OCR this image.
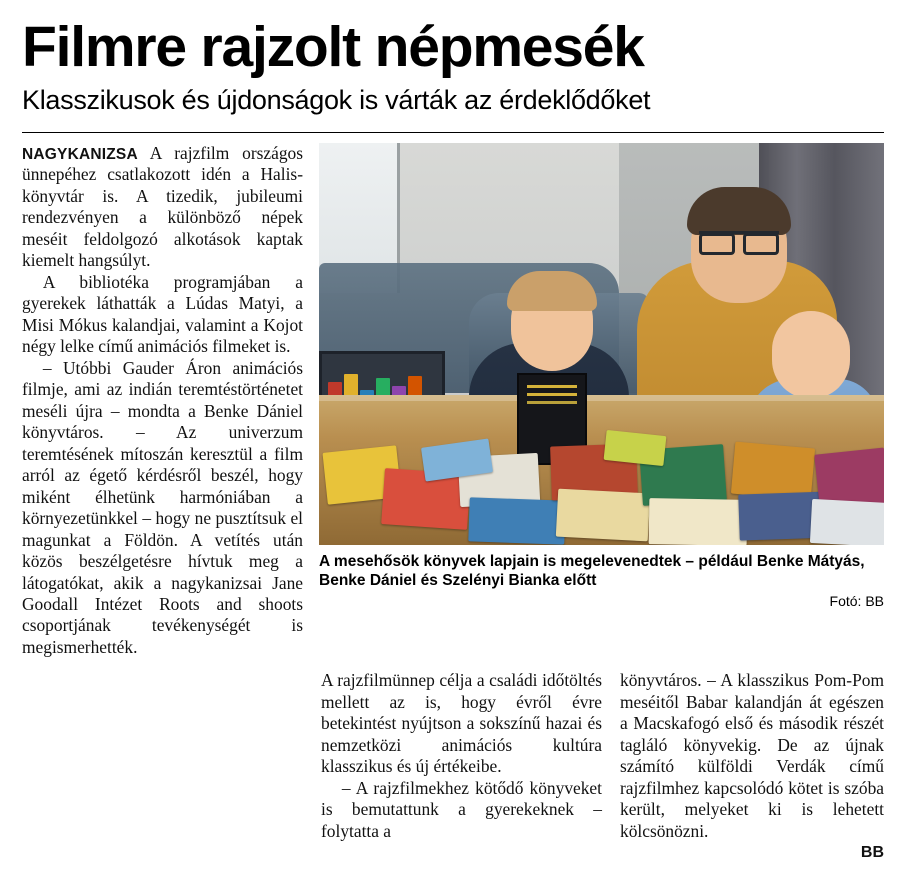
Filmre rajzolt népmesék
Klasszikusok és újdonságok is várták az érdeklődőket

NAGYKANIZSA A rajzfilm országos ünnepéhez csatlakozott idén a Halis-könyvtár is. A tizedik, jubileumi rendezvényen a különböző népek meséit feldolgozó alkotások kaptak kiemelt hangsúlyt.

A bibliotéka programjában a gyerekek láthatták a Lúdas Matyi, a Misi Mókus kalandjai, valamint a Kojot négy lelke című animációs filmeket is.

– Utóbbi Gauder Áron animációs filmje, ami az indián teremtéstörténetet meséli újra – mondta a Benke Dániel könyvtáros. – Az univerzum teremtésének mítoszán keresztül a film arról az égető kérdésről beszél, hogy miként élhetünk harmóniában a környezetünkkel – hogy ne pusztítsuk el magunkat a Földön. A vetítés után közös beszélgetésre hívtuk meg a látogatókat, akik a nagykanizsai Jane Goodall Intézet Roots and shoots csoportjának tevékenységét is megismerhették.

A mesehősök könyvek lapjain is megelevenedtek – például Benke Mátyás, Benke Dániel és Szelényi Bianka előtt
Fotó: BB

A rajzfilmünnep célja a családi időtöltés mellett az is, hogy évről évre betekintést nyújtson a sokszínű hazai és nemzetközi animációs kultúra klasszikus és új értékeibe.

– A rajzfilmekhez kötődő könyveket is bemutattunk a gyerekeknek – folytatta a

könyvtáros. – A klasszikus Pom-Pom meséitől Babar kalandján át egészen a Macskafogó első és második részét tagláló könyvekig. De az újnak számító külföldi Verdák című rajzfilmhez kapcsolódó kötet is szóba került, melyeket ki is lehetett kölcsönözni.

BB
